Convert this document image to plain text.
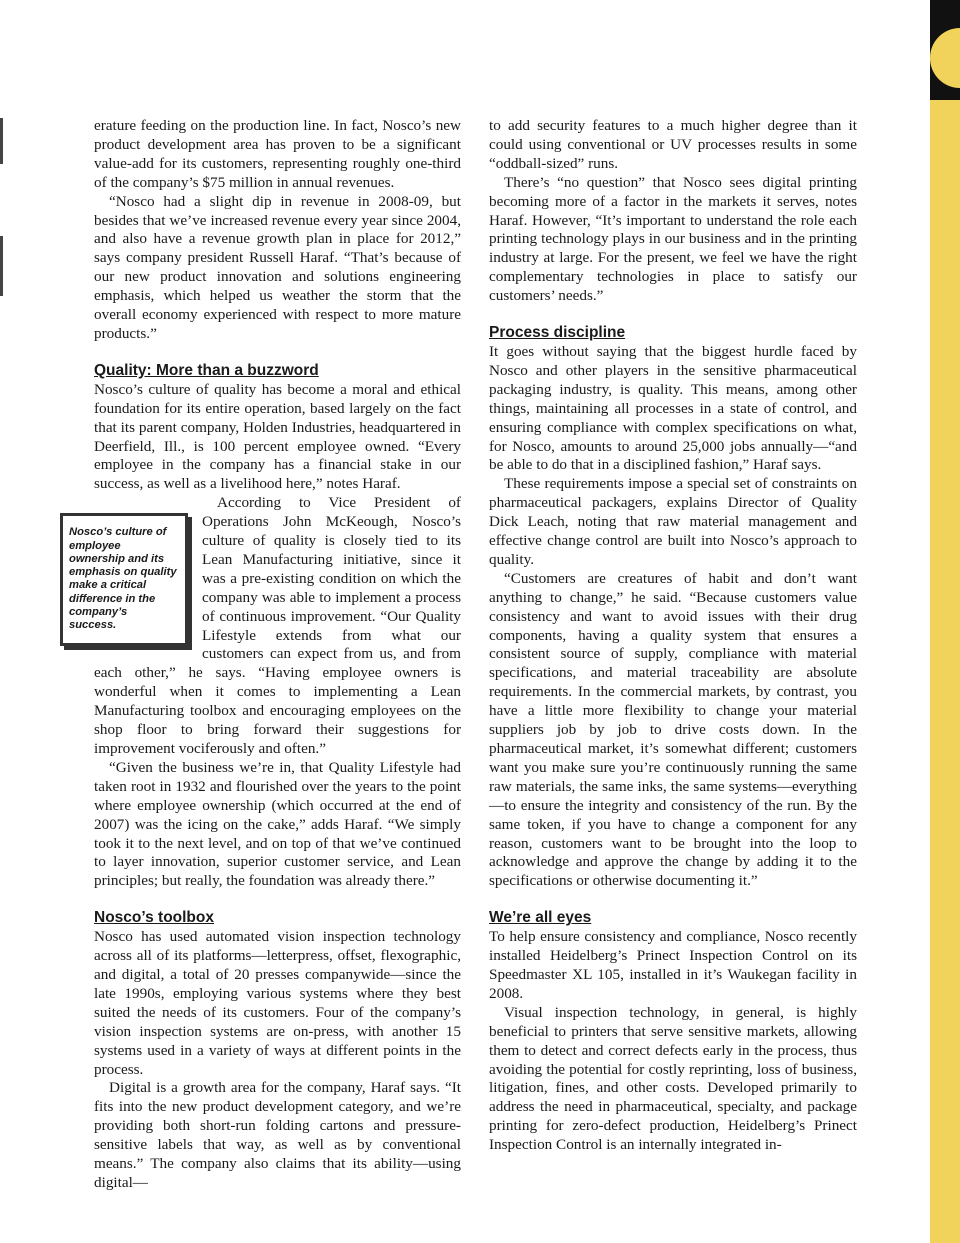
erature feeding on the production line. In fact, Nosco’s new product development area has proven to be a significant value-add for its customers, representing roughly one-third of the company’s $75 million in annual revenues.

“Nosco had a slight dip in revenue in 2008-09, but besides that we’ve increased revenue every year since 2004, and also have a revenue growth plan in place for 2012,” says company president Russell Haraf. “That’s because of our new product innovation and solutions engineering emphasis, which helped us weather the storm that the overall economy experienced with respect to more mature products.”

Quality: More than a buzzword

Nosco’s culture of quality has become a moral and ethical foundation for its entire operation, based largely on the fact that its parent company, Holden Industries, headquartered in Deerfield, Ill., is 100 percent employee owned. “Every employee in the company has a financial stake in our success, as well as a livelihood here,” notes Haraf.

Nosco’s culture of employee ownership and its emphasis on quality make a critical difference in the company’s success.

According to Vice President of Operations John McKeough, Nosco’s culture of quality is closely tied to its Lean Manufacturing initiative, since it was a pre-existing condition on which the company was able to implement a process of continuous improvement. “Our Quality Lifestyle extends from what our customers can expect from us, and from each other,” he says. “Having employee owners is wonderful when it comes to implementing a Lean Manufacturing toolbox and encouraging employees on the shop floor to bring forward their suggestions for improvement vociferously and often.”

“Given the business we’re in, that Quality Lifestyle had taken root in 1932 and flourished over the years to the point where employee ownership (which occurred at the end of 2007) was the icing on the cake,” adds Haraf. “We simply took it to the next level, and on top of that we’ve continued to layer innovation, superior customer service, and Lean principles; but really, the foundation was already there.”

Nosco’s toolbox

Nosco has used automated vision inspection technology across all of its platforms—letterpress, offset, flexographic, and digital, a total of 20 presses companywide—since the late 1990s, employing various systems where they best suited the needs of its customers. Four of the company’s vision inspection systems are on-press, with another 15 systems used in a variety of ways at different points in the process.

Digital is a growth area for the company, Haraf says. “It fits into the new product development category, and we’re providing both short-run folding cartons and pressure-sensitive labels that way, as well as by conventional means.” The company also claims that its ability—using digital—

to add security features to a much higher degree than it could using conventional or UV processes results in some “oddball-sized” runs.

There’s “no question” that Nosco sees digital printing becoming more of a factor in the markets it serves, notes Haraf. However, “It’s important to understand the role each printing technology plays in our business and in the printing industry at large. For the present, we feel we have the right complementary technologies in place to satisfy our customers’ needs.”

Process discipline

It goes without saying that the biggest hurdle faced by Nosco and other players in the sensitive pharmaceutical packaging industry, is quality. This means, among other things, maintaining all processes in a state of control, and ensuring compliance with complex specifications on what, for Nosco, amounts to around 25,000 jobs annually—“and be able to do that in a disciplined fashion,” Haraf says.

These requirements impose a special set of constraints on pharmaceutical packagers, explains Director of Quality Dick Leach, noting that raw material management and effective change control are built into Nosco’s approach to quality.

“Customers are creatures of habit and don’t want anything to change,” he said. “Because customers value consistency and want to avoid issues with their drug components, having a quality system that ensures a consistent source of supply, compliance with material specifications, and material traceability are absolute requirements. In the commercial markets, by contrast, you have a little more flexibility to change your material suppliers job by job to drive costs down. In the pharmaceutical market, it’s somewhat different; customers want you make sure you’re continuously running the same raw materials, the same inks, the same systems—everything—to ensure the integrity and consistency of the run. By the same token, if you have to change a component for any reason, customers want to be brought into the loop to acknowledge and approve the change by adding it to the specifications or otherwise documenting it.”

We’re all eyes

To help ensure consistency and compliance, Nosco recently installed Heidelberg’s Prinect Inspection Control on its Speedmaster XL 105, installed in it’s Waukegan facility in 2008.

Visual inspection technology, in general, is highly beneficial to printers that serve sensitive markets, allowing them to detect and correct defects early in the process, thus avoiding the potential for costly reprinting, loss of business, litigation, fines, and other costs. Developed primarily to address the need in pharmaceutical, specialty, and package printing for zero-defect production, Heidelberg’s Prinect Inspection Control is an internally integrated in-
